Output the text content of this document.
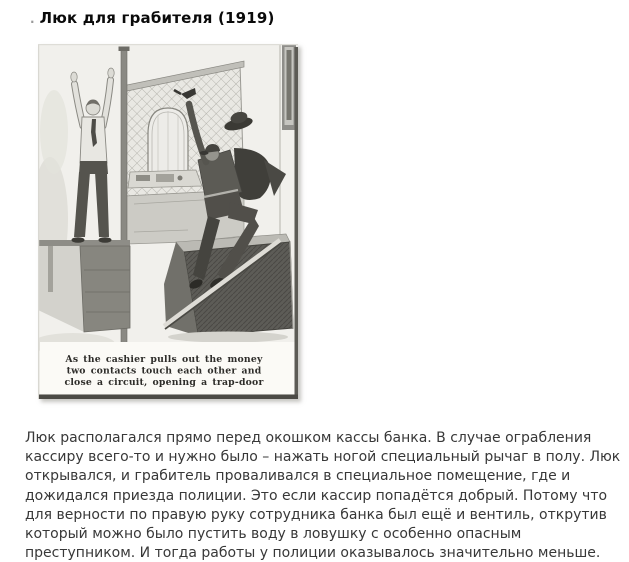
. Люк для грабителя (1919)
As the cashier pulls out the money
two contacts touch each other and
close a circuit, opening a trap-door

Люк располагался прямо перед окошком кассы банка. В случае ограбления кассиру всего-то и нужно было – нажать ногой специальный рычаг в полу. Люк открывался, и грабитель проваливался в специальное помещение, где и дожидался приезда полиции. Это если кассир попадётся добрый. Потому что для верности по правую руку сотрудника банка был ещё и вентиль, открутив который можно было пустить воду в ловушку с особенно опасным преступником. И тогда работы у полиции оказывалось значительно меньше.
